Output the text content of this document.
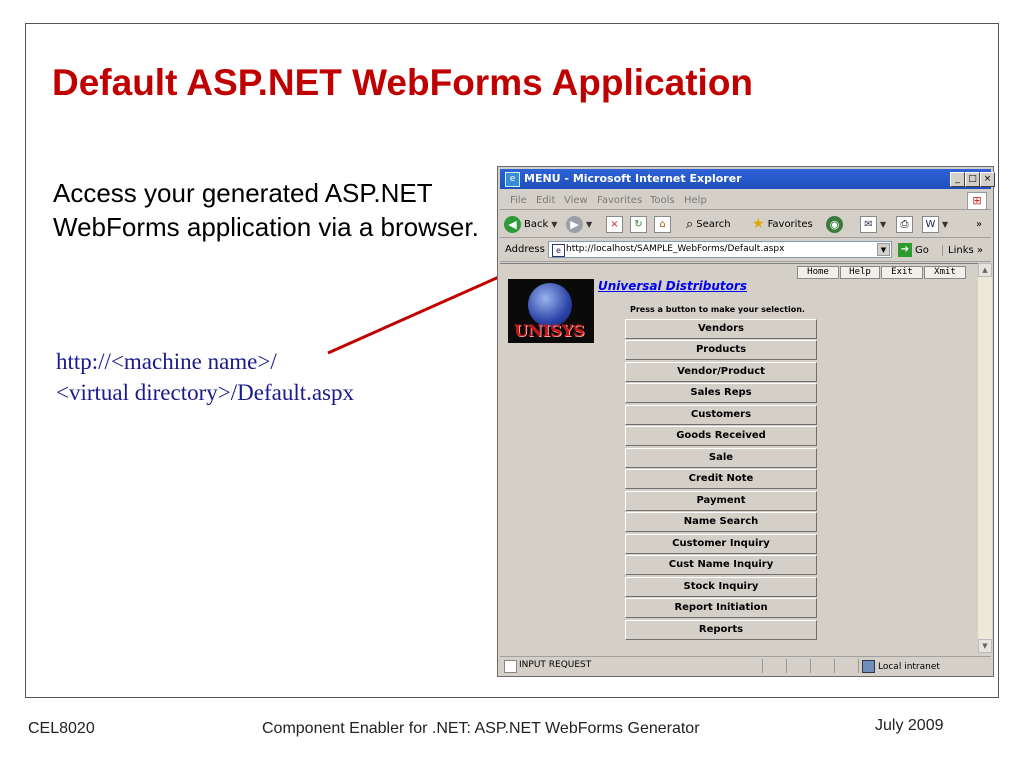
Default ASP.NET WebForms Application
Access your generated ASP.NET WebForms application via a browser.
http://<machine name>/
<virtual directory>/Default.aspx
e MENU - Microsoft Internet Explorer	_ □ ×
File Edit View Favorites Tools Help	⊞
◀ Back ▼	▶ ▼	×	↻	⌂	⌕ Search ★ Favorites	◉	✉ ▼	⎙	W ▼	»
Address	e
http://localhost/SAMPLE_WebForms/Default.aspx	▼	➔ Go	Links »
Home	Help	Exit	Xmit
UNISYS
Universal Distributors
Press a button to make your selection.
Vendors
Products
Vendor/Product
Sales Reps
Customers
Goods Received
Sale
Credit Note
Payment
Name Search
Customer Inquiry
Cust Name Inquiry
Stock Inquiry
Report Initiation
Reports
▲
▼
INPUT REQUEST	Local intranet
CEL8020	Component Enabler for .NET: ASP.NET WebForms Generator	July 2009
